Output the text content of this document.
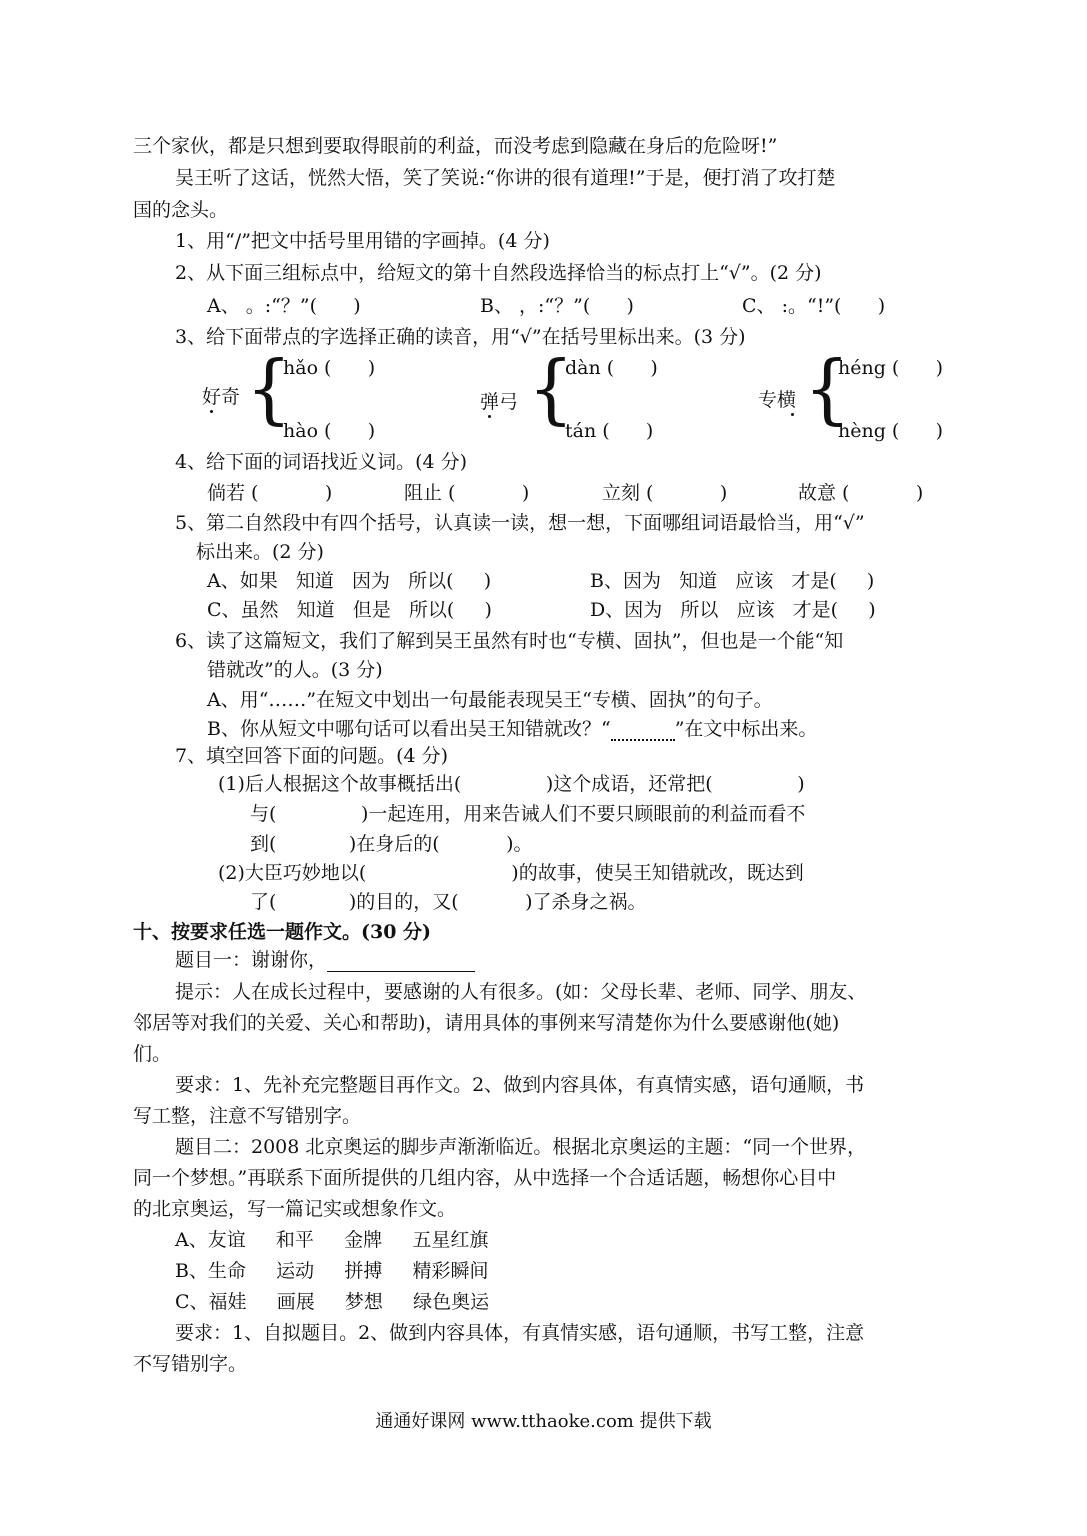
三个家伙，都是只想到要取得眼前的利益，而没考虑到隐藏在身后的危险呀!”
吴王听了这话，恍然大悟，笑了笑说:“你讲的很有道理!”于是，便打消了攻打楚
国的念头。
1、用“/”把文中括号里用错的字画掉。(4 分)
2、从下面三组标点中，给短文的第十自然段选择恰当的标点打上“√”。(2 分)
A、 。:“？”(      )	B、 ，:“？”(      )	C、 :。“!”(      )
3、给下面带点的字选择正确的读音，用“√”在括号里标出来。(3 分)
好奇 {
hǎo (      )
hào (      )
弹弓 {
dàn (      )
tán (      )
专横 {
héng (      )
hèng (      )
4、给下面的词语找近义词。(4 分)
倘若 (           )	阻止 (           )	立刻 (           )	故意 (           )
5、第二自然段中有四个括号，认真读一读，想一想，下面哪组词语最恰当，用“√”
标出来。(2 分)
A、如果   知道   因为   所以(     )	B、因为   知道   应该   才是(     )
C、虽然   知道   但是   所以(     )	D、因为   所以   应该   才是(     )
6、读了这篇短文，我们了解到吴王虽然有时也“专横、固执”，但也是一个能“知
错就改”的人。(3 分)
A、用“……”在短文中划出一句最能表现吴王“专横、固执”的句子。
B、你从短文中哪句话可以看出吴王知错就改？“	”在文中标出来。
7、填空回答下面的问题。(4 分)
(1)后人根据这个故事概括出(              )这个成语，还常把(              )
与(              )一起连用，用来告诫人们不要只顾眼前的利益而看不
到(            )在身后的(           )。
(2)大臣巧妙地以(                        )的故事，使吴王知错就改，既达到
了(            )的目的，又(           )了杀身之祸。
十、按要求任选一题作文。(30 分)
题目一：谢谢你，
提示：人在成长过程中，要感谢的人有很多。(如：父母长辈、老师、同学、朋友、
邻居等对我们的关爱、关心和帮助)，请用具体的事例来写清楚你为什么要感谢他(她)
们。
要求：1、先补充完整题目再作文。2、做到内容具体，有真情实感，语句通顺，书
写工整，注意不写错别字。
题目二：2008 北京奥运的脚步声渐渐临近。根据北京奥运的主题：“同一个世界，
同一个梦想。”再联系下面所提供的几组内容，从中选择一个合适话题，畅想你心目中
的北京奥运，写一篇记实或想象作文。
A、友谊     和平     金牌     五星红旗
B、生命     运动     拼搏     精彩瞬间
C、福娃     画展     梦想     绿色奥运
要求：1、自拟题目。2、做到内容具体，有真情实感，语句通顺，书写工整，注意
不写错别字。
通通好课网 www.tthaoke.com 提供下载
